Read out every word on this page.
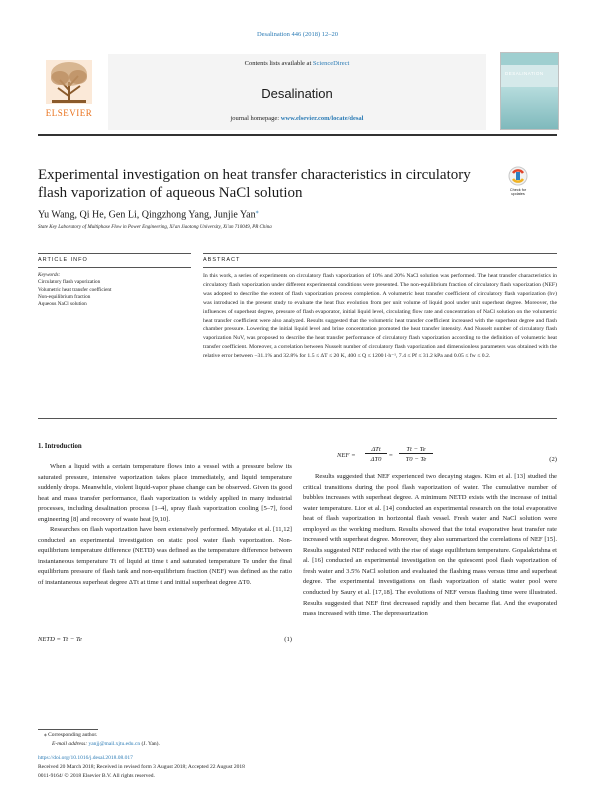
Desalination 446 (2018) 12–20
Contents lists available at ScienceDirect
Desalination
journal homepage: www.elsevier.com/locate/desal
ELSEVIER
DESALINATION
Experimental investigation on heat transfer characteristics in circulatory flash vaporization of aqueous NaCl solution	Check for
updates
Yu Wang, Qi He, Gen Li, Qingzhong Yang, Junjie Yan⁎
State Key Laboratory of Multiphase Flow in Power Engineering, Xi'an Jiaotong University, Xi'an 710049, PR China
ARTICLE INFO	ABSTRACT
Keywords:
Circulatory flash vaporization
Volumetric heat transfer coefficient
Non-equilibrium fraction
Aqueous NaCl solution
In this work, a series of experiments on circulatory flash vaporization of 10% and 20% NaCl solution was performed. The heat transfer characteristics in circulatory flash vaporization under different experimental conditions were presented. The non-equilibrium fraction of circulatory flash vaporization (NEF) was adopted to describe the extent of flash vaporization process completion. A volumetric heat transfer coefficient of circulatory flash vaporization (hv) was introduced in the present study to evaluate the heat flux evolution from per unit volume of liquid pool under unit superheat degree. Moreover, the influences of superheat degree, pressure of flash evaporator, initial liquid level, circulating flow rate and concentration of NaCl solution on the volumetric heat transfer coefficient were also analyzed. Results suggested that the volumetric heat transfer coefficient increased with the superheat degree and flash chamber pressure. Lowering the initial liquid level and brine concentration promoted the heat transfer intensity. And Nusselt number of circulatory flash vaporization NuV, was proposed to describe the heat transfer performance of circulatory flash vaporization according to the definition of volumetric heat transfer coefficient. Moreover, a correlation between Nusselt number of circulatory flash vaporization and dimensionless parameters was obtained with the relative error between −31.1% and 32.8% for 1.5 ≤ ΔT ≤ 20 K, 400 ≤ Q ≤ 1200 l·h⁻¹, 7.4 ≤ Pf ≤ 31.2 kPa and 0.05 ≤ fw ≤ 0.2.
1. Introduction

When a liquid with a certain temperature flows into a vessel with a pressure below its saturated pressure, intensive vaporization takes place immediately, and liquid temperature suddenly drops. Meanwhile, violent liquid-vapor phase change can be observed. Given its good heat and mass transfer performance, flash vaporization is widely applied in many industrial processes, including desalination process [1–4], spray flash vaporization cooling [5–7], food engineering [8] and recovery of waste heat [9,10].

Researches on flash vaporization have been extensively performed. Miyatake et al. [11,12] conducted an experimental investigation on static pool water flash vaporization. Non-equilibrium temperature difference (NETD) was defined as the temperature difference between instantaneous temperature Tt of liquid at time t and saturated temperature Te under the final equilibrium pressure of flash tank and non-equilibrium fraction (NEF) was defined as the ratio of instantaneous superheat degree ΔTt at time t and initial superheat degree ΔT0.

NETD = Tt − Te	(1)
NEF =
ΔTt
ΔT0
=
Tt − Te
T0 − Te	(2)

Results suggested that NEF experienced two decaying stages. Kim et al. [13] studied the critical transitions during the pool flash vaporization of water. The cumulative number of bubbles increases with superheat degree. A minimum NETD exists with the increase of initial water temperature. Lior et al. [14] conducted an experimental research on the total evaporative heat of flash vaporization in horizontal flash vessel. Fresh water and NaCl solution were employed as the working medium. Results showed that the total evaporative heat transfer rate increased with superheat degree. Moreover, they also summarized the correlations of NEF [15]. Results suggested NEF reduced with the rise of stage equilibrium temperature. Gopalakrishna et al. [16] conducted an experimental investigation on the quiescent pool flash vaporization of fresh water and 3.5% NaCl solution and evaluated the flashing mass versus time and superheat degree. The experimental investigations on flash vaporization of static water pool were conducted by Saury et al. [17,18]. The evolutions of NEF versus flashing time were illustrated. Results suggested that NEF first decreased rapidly and then became flat. And the evaporated mass increased with time. The depressurization

⁎ Corresponding author.
E-mail address: yanjj@mail.xjtu.edu.cn (J. Yan).
https://doi.org/10.1016/j.desal.2018.08.017
Received 20 March 2018; Received in revised form 3 August 2018; Accepted 22 August 2018
0011-9164/ © 2018 Elsevier B.V. All rights reserved.
